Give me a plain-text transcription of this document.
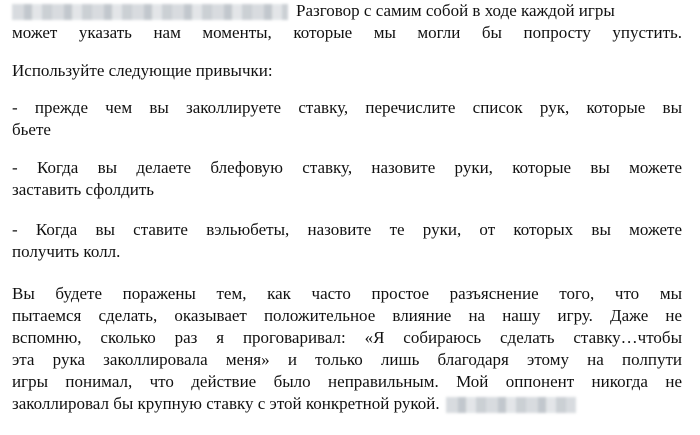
Разговор с самим собой в ходе каждой игры
может указать нам моменты, которые мы могли бы попросту упустить.
Используйте следующие привычки:
- прежде чем вы заколлируете ставку, перечислите список рук, которые вы
бьете
- Когда вы делаете блефовую ставку, назовите руки, которые вы можете
заставить сфолдить
- Когда вы ставите вэльюбеты, назовите те руки, от которых вы можете
получить колл.
Вы будете поражены тем, как часто простое разъяснение того, что мы
пытаемся сделать, оказывает положительное влияние на нашу игру. Даже не
вспомню, сколько раз я проговаривал: «Я собираюсь сделать ставку…чтобы
эта рука заколлировала меня» и только лишь благодаря этому на полпути
игры понимал, что действие было неправильным. Мой оппонент никогда не
заколлировал бы крупную ставку с этой конкретной рукой.
